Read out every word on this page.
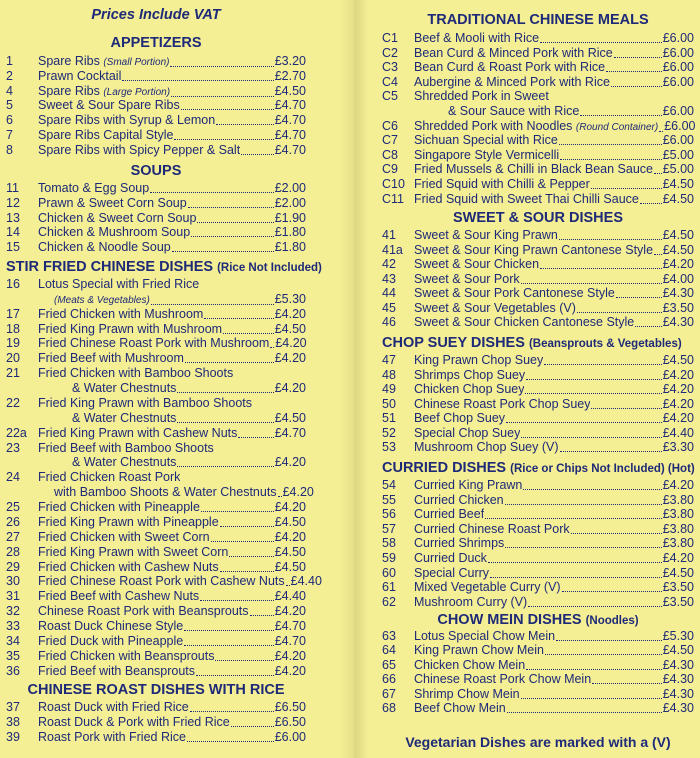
Prices Include VAT
APPETIZERS
SOUPS
STIR FRIED CHINESE DISHES (Rice Not Included)
CHINESE ROAST DISHES WITH RICE
1	Spare Ribs (Small Portion)	£3.20
2	Prawn Cocktail	£2.70
4	Spare Ribs (Large Portion)	£4.50
5	Sweet & Sour Spare Ribs	£4.70
6	Spare Ribs with Syrup & Lemon	£4.70
7	Spare Ribs Capital Style	£4.70
8	Spare Ribs with Spicy Pepper & Salt	£4.70
11	Tomato & Egg Soup	£2.00
12	Prawn & Sweet Corn Soup	£2.00
13	Chicken & Sweet Corn Soup	£1.90
14	Chicken & Mushroom Soup	£1.80
15	Chicken & Noodle Soup	£1.80
16	Lotus Special with Fried Rice
(Meats & Vegetables)	£5.30
17	Fried Chicken with Mushroom	£4.20
18	Fried King Prawn with Mushroom	£4.50
19	Fried Chinese Roast Pork with Mushroom £4.20
20	Fried Beef with Mushroom	£4.20
21	Fried Chicken with Bamboo Shoots
& Water Chestnuts	£4.20
22	Fried King Prawn with Bamboo Shoots
& Water Chestnuts	£4.50
22a Fried King Prawn with Cashew Nuts	£4.70
23	Fried Beef with Bamboo Shoots
& Water Chestnuts	£4.20
24	Fried Chicken Roast Pork
with Bamboo Shoots & Water Chestnuts £4.20
25	Fried Chicken with Pineapple	£4.20
26	Fried King Prawn with Pineapple	£4.50
27	Fried Chicken with Sweet Corn	£4.20
28	Fried King Prawn with Sweet Corn	£4.50
29	Fried Chicken with Cashew Nuts	£4.50
30	Fried Chinese Roast Pork with Cashew Nuts £4.40
31	Fried Beef with Cashew Nuts	£4.40
32	Chinese Roast Pork with Beansprouts £4.20
33	Roast Duck Chinese Style	£4.70
34	Fried Duck with Pineapple	£4.70
35	Fried Chicken with Beansprouts	£4.20
36	Fried Beef with Beansprouts	£4.20
37	Roast Duck with Fried Rice	£6.50
38	Roast Duck & Pork with Fried Rice	£6.50
39	Roast Pork with Fried Rice	£6.00
TRADITIONAL CHINESE MEALS
SWEET & SOUR DISHES
CHOP SUEY DISHES (Beansprouts & Vegetables)
CURRIED DISHES (Rice or Chips Not Included) (Hot)
CHOW MEIN DISHES (Noodles)
Vegetarian Dishes are marked with a (V)
C1	Beef & Mooli with Rice	£6.00
C2	Bean Curd & Minced Pork with Rice	£6.00
C3	Bean Curd & Roast Pork with Rice	£6.00
C4	Aubergine & Minced Pork with Rice	£6.00
C5	Shredded Pork in Sweet
& Sour Sauce with Rice	£6.00
C6	Shredded Pork with Noodles (Round Container) £6.00
C7	Sichuan Special with Rice	£6.00
C8	Singapore Style Vermicelli	£5.00
C9	Fried Mussels & Chilli in Black Bean Sauce £5.00
C10 Fried Squid with Chilli & Pepper	£4.50
C11 Fried Squid with Sweet Thai Chilli Sauce £4.50
41	Sweet & Sour King Prawn	£4.50
41a Sweet & Sour King Prawn Cantonese Style £4.50
42	Sweet & Sour Chicken	£4.20
43	Sweet & Sour Pork	£4.00
44	Sweet & Sour Pork Cantonese Style	£4.30
45	Sweet & Sour Vegetables (V)	£3.50
46	Sweet & Sour Chicken Cantonese Style £4.30
47	King Prawn Chop Suey	£4.50
48	Shrimps Chop Suey	£4.20
49	Chicken Chop Suey	£4.20
50	Chinese Roast Pork Chop Suey	£4.20
51	Beef Chop Suey	£4.20
52	Special Chop Suey	£4.40
53	Mushroom Chop Suey (V)	£3.30
54	Curried King Prawn	£4.20
55	Curried Chicken	£3.80
56	Curried Beef	£3.80
57	Curried Chinese Roast Pork	£3.80
58	Curried Shrimps	£3.80
59	Curried Duck	£4.20
60	Special Curry	£4.50
61	Mixed Vegetable Curry (V)	£3.50
62	Mushroom Curry (V)	£3.50
63	Lotus Special Chow Mein	£5.30
64	King Prawn Chow Mein	£4.50
65	Chicken Chow Mein	£4.30
66	Chinese Roast Pork Chow Mein	£4.30
67	Shrimp Chow Mein	£4.30
68	Beef Chow Mein	£4.30
